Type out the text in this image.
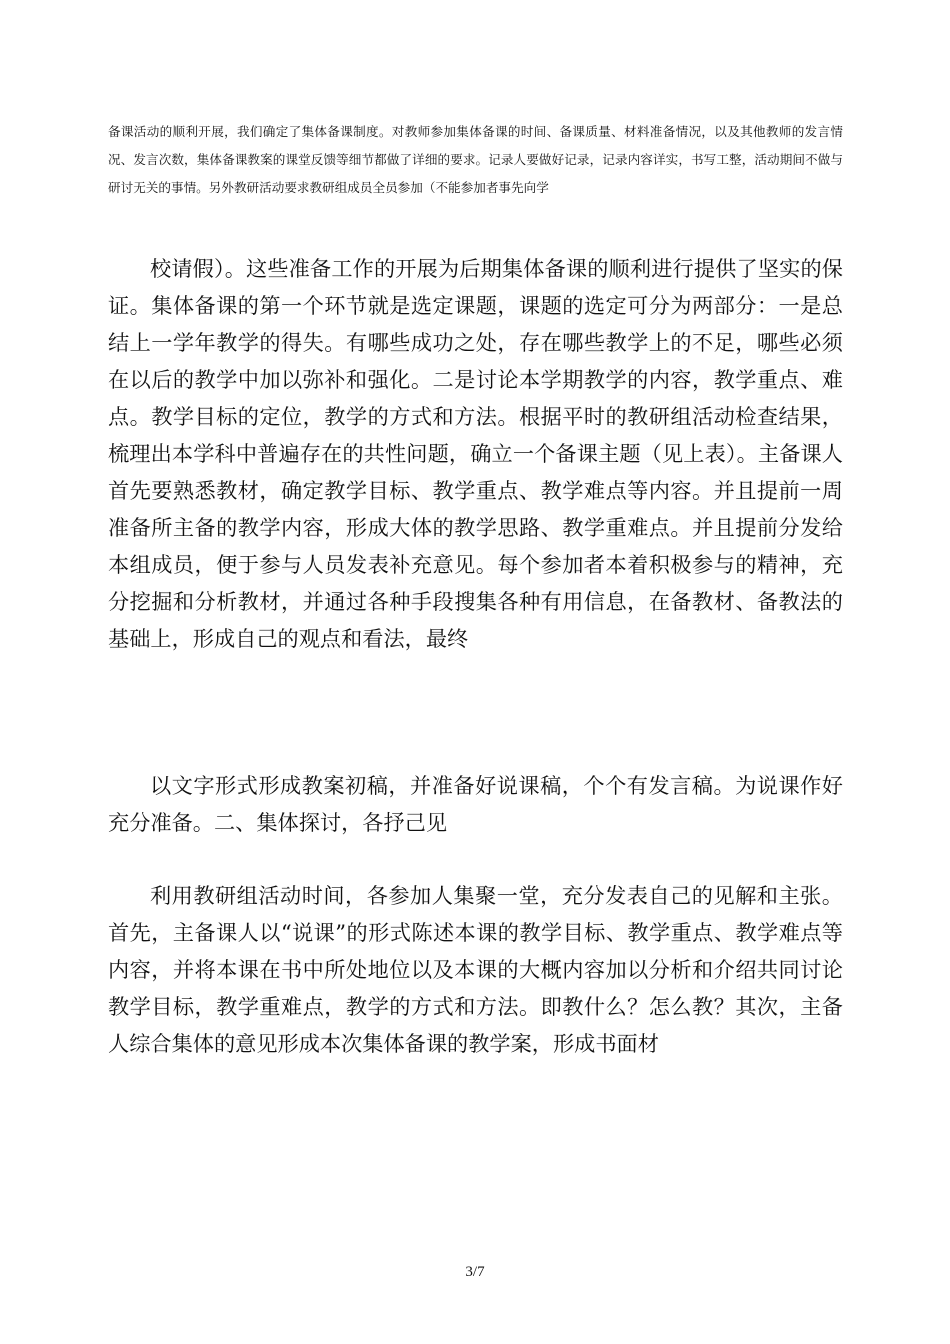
备课活动的顺利开展，我们确定了集体备课制度。对教师参加集体备课的时间、备课质量、材料准备情况，以及其他教师的发言情况、发言次数，集体备课教案的课堂反馈等细节都做了详细的要求。记录人要做好记录，记录内容详实，书写工整，活动期间不做与研讨无关的事情。另外教研活动要求教研组成员全员参加（不能参加者事先向学

校请假）。这些准备工作的开展为后期集体备课的顺利进行提供了坚实的保证。集体备课的第一个环节就是选定课题，课题的选定可分为两部分：一是总结上一学年教学的得失。有哪些成功之处，存在哪些教学上的不足，哪些必须在以后的教学中加以弥补和强化。二是讨论本学期教学的内容，教学重点、难点。教学目标的定位，教学的方式和方法。根据平时的教研组活动检查结果，梳理出本学科中普遍存在的共性问题，确立一个备课主题（见上表）。主备课人首先要熟悉教材，确定教学目标、教学重点、教学难点等内容。并且提前一周准备所主备的教学内容，形成大体的教学思路、教学重难点。并且提前分发给本组成员，便于参与人员发表补充意见。每个参加者本着积极参与的精神，充分挖掘和分析教材，并通过各种手段搜集各种有用信息，在备教材、备教法的基础上，形成自己的观点和看法，最终

以文字形式形成教案初稿，并准备好说课稿，个个有发言稿。为说课作好充分准备。二、集体探讨，各抒己见

利用教研组活动时间，各参加人集聚一堂，充分发表自己的见解和主张。首先，主备课人以“说课”的形式陈述本课的教学目标、教学重点、教学难点等内容，并将本课在书中所处地位以及本课的大概内容加以分析和介绍共同讨论教学目标，教学重难点，教学的方式和方法。即教什么？怎么教？其次，主备人综合集体的意见形成本次集体备课的教学案，形成书面材

3/7
